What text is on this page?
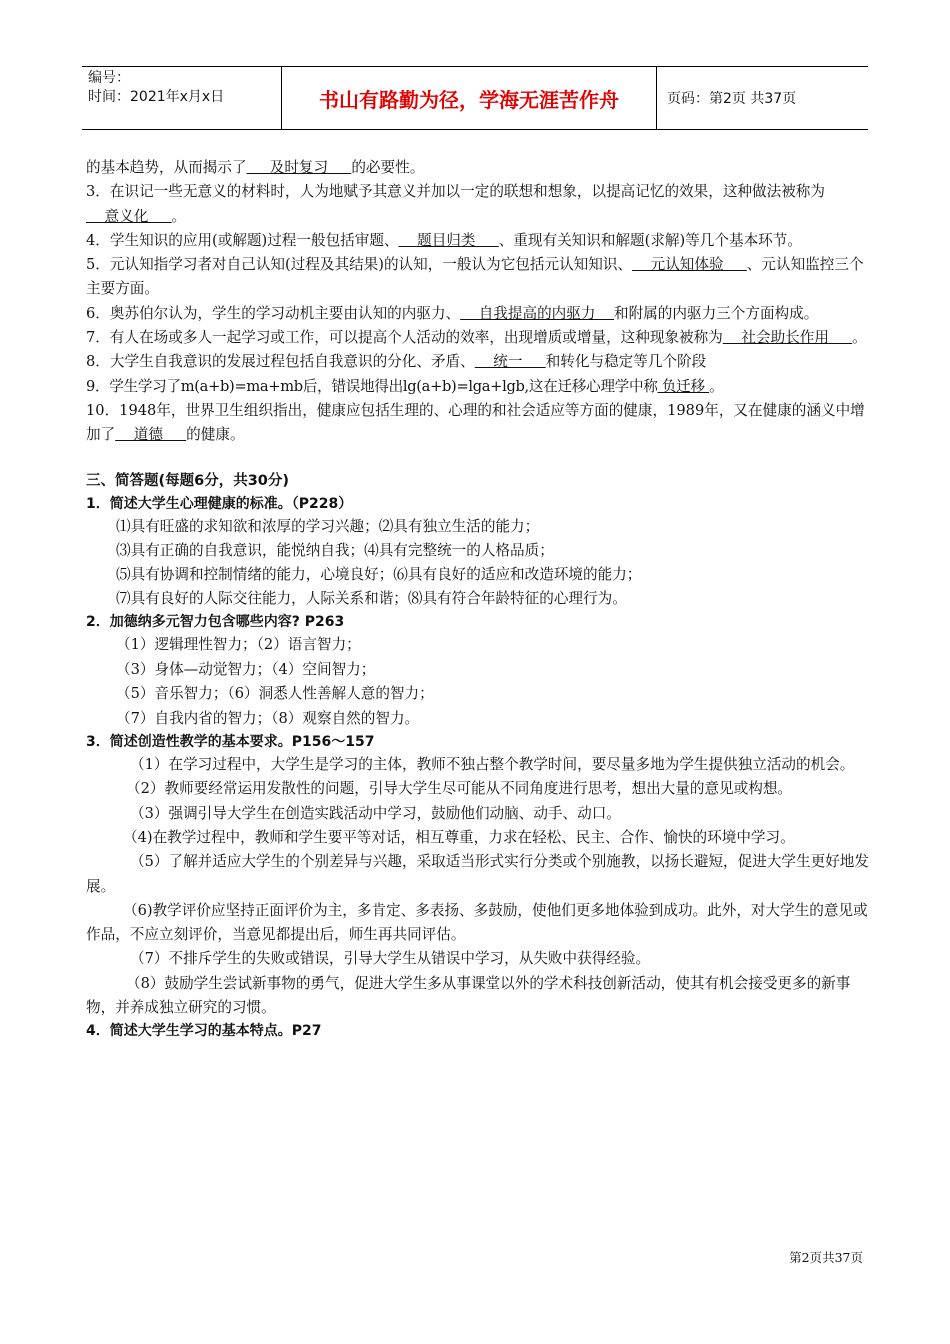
编号：
时间：2021年x月x日	书山有路勤为径，学海无涯苦作舟	页码：第2页 共37页

的基本趋势，从而揭示了     及时复习     的必要性。

3．在识记一些无意义的材料时，人为地赋予其意义并加以一定的联想和想象，以提高记忆的效果，这种做法被称为    意义化     。

4．学生知识的应用(或解题)过程一般包括审题、    题目归类     、重现有关知识和解题(求解)等几个基本环节。

5．元认知指学习者对自己认知(过程及其结果)的认知，一般认为它包括元认知知识、    元认知体验     、元认知监控三个主要方面。

6．奥苏伯尔认为，学生的学习动机主要由认知的内驱力、    自我提高的内驱力    和附属的内驱力三个方面构成。

7．有人在场或多人一起学习或工作，可以提高个人活动的效率，出现增质或增量，这种现象被称为    社会助长作用     。

8．大学生自我意识的发展过程包括自我意识的分化、矛盾、    统一     和转化与稳定等几个阶段

9．学生学习了m(a+b)=ma+mb后，错误地得出lg(a+b)=lga+lgb,这在迁移心理学中称 负迁移 。

10．1948年，世界卫生组织指出，健康应包括生理的、心理的和社会适应等方面的健康，1989年，又在健康的涵义中增加了    道德     的健康。

三、简答题(每题6分，共30分)

1．简述大学生心理健康的标准。（P228）

⑴具有旺盛的求知欲和浓厚的学习兴趣；⑵具有独立生活的能力；

⑶具有正确的自我意识，能悦纳自我；⑷具有完整统一的人格品质；

⑸具有协调和控制情绪的能力，心境良好；⑹具有良好的适应和改造环境的能力；

⑺具有良好的人际交往能力，人际关系和谐；⑻具有符合年龄特征的心理行为。

2．加德纳多元智力包含哪些内容? P263

（1）逻辑理性智力；（2）语言智力；

（3）身体—动觉智力；（4）空间智力；

（5）音乐智力；（6）洞悉人性善解人意的智力；

（7）自我内省的智力；（8）观察自然的智力。

3．简述创造性教学的基本要求。P156～157

（1）在学习过程中，大学生是学习的主体，教师不独占整个教学时间，要尽量多地为学生提供独立活动的机会。

（2）教师要经常运用发散性的问题，引导大学生尽可能从不同角度进行思考，想出大量的意见或构想。

（3）强调引导大学生在创造实践活动中学习，鼓励他们动脑、动手、动口。

（4)在教学过程中，教师和学生要平等对话，相互尊重，力求在轻松、民主、合作、愉快的环境中学习。

（5）了解并适应大学生的个别差异与兴趣，采取适当形式实行分类或个别施教，以扬长避短，促进大学生更好地发展。

（6)教学评价应坚持正面评价为主，多肯定、多表扬、多鼓励，使他们更多地体验到成功。此外，对大学生的意见或作品，不应立刻评价，当意见都提出后，师生再共同评估。

（7）不排斥学生的失败或错误，引导大学生从错误中学习，从失败中获得经验。

（8）鼓励学生尝试新事物的勇气，促进大学生多从事课堂以外的学术科技创新活动，使其有机会接受更多的新事物，并养成独立研究的习惯。

4．简述大学生学习的基本特点。P27

第2页共37页
